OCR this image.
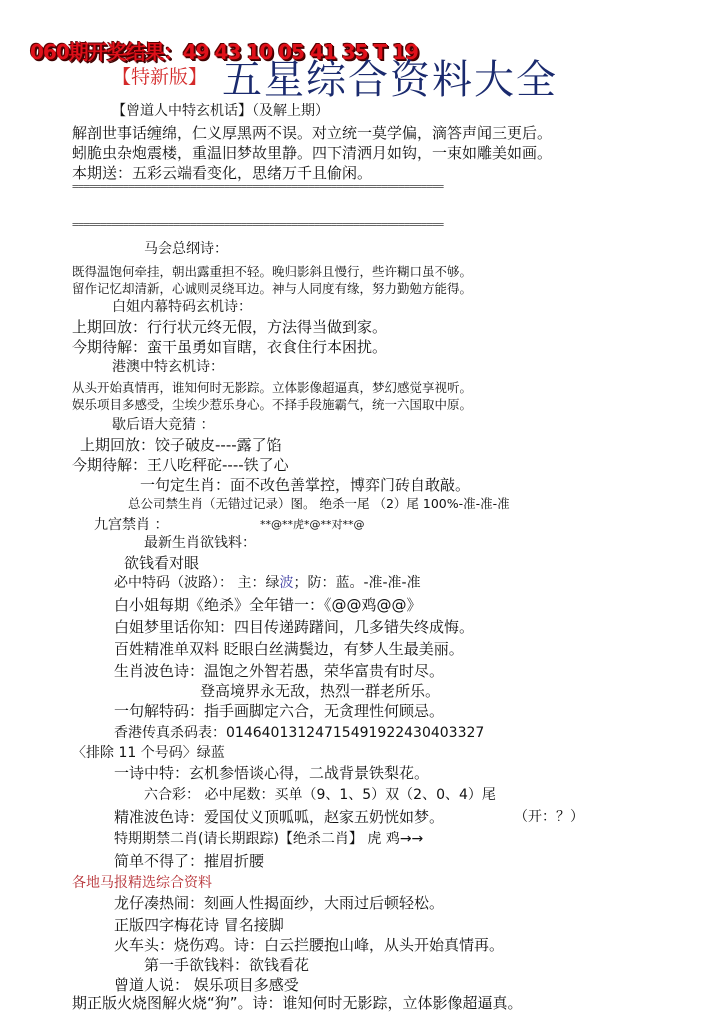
060期开奖结果：49 43 10 05 41 35 T 19
【特新版】 五星综合资料大全
【曾道人中特玄机话】（及解上期）
解剖世事话缠绵，仁义厚黑两不误。对立统一莫学偏，滴答声闻三更后。
蚓脆虫杂炮震楼，重温旧梦故里静。四下清洒月如钩，一束如雕美如画。
本期送：五彩云端看变化，思绪万千且偷闲。
==================================================================
==================================================================
马会总纲诗：
既得温饱何牵挂，朝出露重担不轻。晚归影斜且慢行，些许糊口虽不够。
留作记忆却清新，心诚则灵绕耳边。神与人同度有缘，努力勤勉方能得。
白姐内幕特码玄机诗：
上期回放：行行状元终无假，方法得当做到家。
今期待解：蛮干虽勇如盲瞎，衣食住行本困扰。
港澳中特玄机诗：
从头开始真情再，谁知何时无影踪。立体影像超逼真，梦幻感觉享视听。
娱乐项目多感受，尘埃少惹乐身心。不择手段施霸气，统一六国取中原。
歇后语大竞猜 ：
上期回放：饺子破皮----露了馅
今期待解：王八吃秤砣----铁了心
一句定生肖：面不改色善掌控，博弈门砖自敢敲。
总公司禁生肖（无错过记录）图。 绝杀一尾 （2）尾 100%-准-准-准
九宫禁肖 ：	**@**虎*@**对**@
最新生肖欲钱料：
欲钱看对眼
必中特码（波路）： 主：绿波；防：蓝。-准-准-准
白小姐每期《绝杀》全年错一：《@@鸡@@》
白姐梦里话你知：四目传递踌躇间，几多错失终成悔。
百姓精准单双料 眨眼白丝满鬓边，有梦人生最美丽。
生肖波色诗：温饱之外智若愚，荣华富贵有时尽。
登高境界永无敌，热烈一群老所乐。
一句解特码：指手画脚定六合，无贪理性何顾忌。
香港传真杀码表：01464013124715491922430403327
〈排除 11 个号码〉绿蓝
一诗中特：玄机参悟谈心得，二战背景铁梨花。
六合彩： 必中尾数：买单（9、1、5）双（2、0、4）尾
精准波色诗：爱国仗义顶呱呱，赵家五奶恍如梦。	（开：？）
特期期禁二肖(请长期跟踪)【绝杀二肖】 虎 鸡→→
简单不得了：摧眉折腰
各地马报精选综合资料
龙仔凑热闹：刻画人性揭面纱，大雨过后顿轻松。
正版四字梅花诗 冒名接脚
火车头：烧伤鸡。诗：白云拦腰抱山峰，从头开始真情再。
第一手欲钱料：欲钱看花
曾道人说： 娱乐项目多感受
期正版火烧图解火烧“狗”。诗：谁知何时无影踪，立体影像超逼真。
